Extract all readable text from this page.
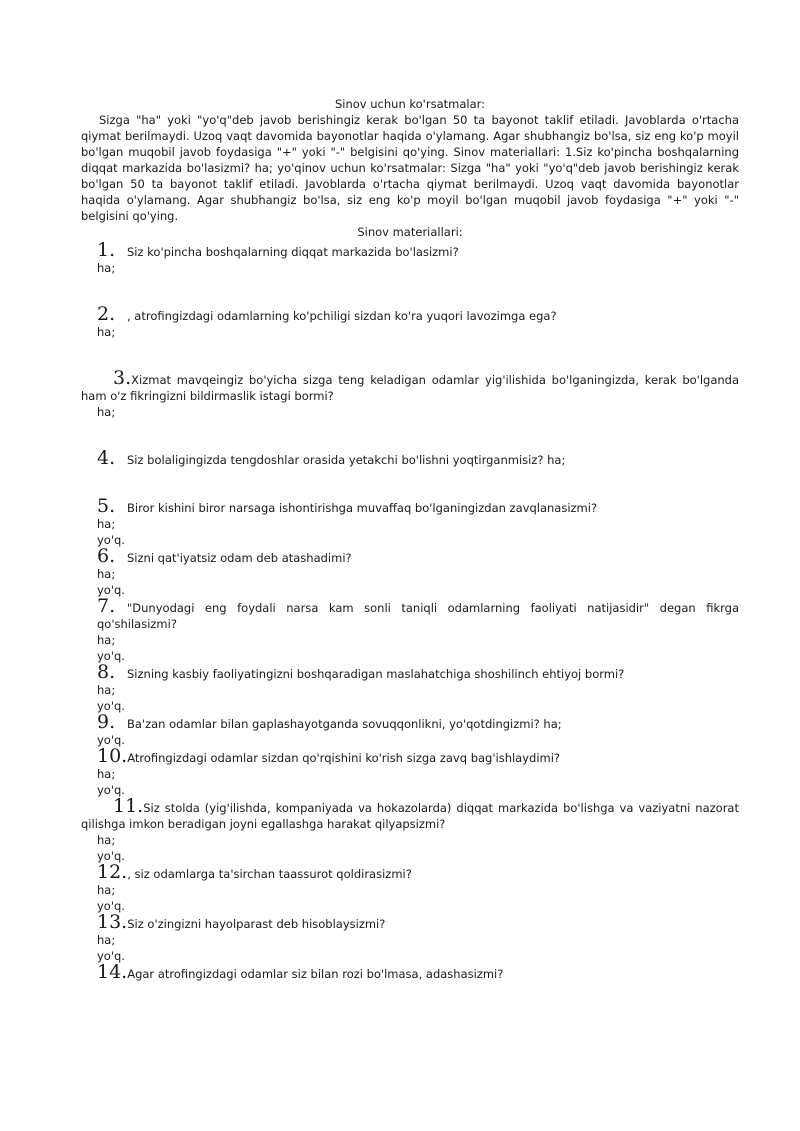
Sinov uchun ko'rsatmalar:

Sizga "ha" yoki "yo'q"deb javob berishingiz kerak bo'lgan 50 ta bayonot taklif etiladi. Javoblarda o'rtacha qiymat berilmaydi. Uzoq vaqt davomida bayonotlar haqida o'ylamang. Agar shubhangiz bo'lsa, siz eng ko'p moyil bo'lgan muqobil javob foydasiga "+" yoki "-" belgisini qo'ying. Sinov materiallari: 1.Siz ko'pincha boshqalarning diqqat markazida bo'lasizmi? ha; yo'qinov uchun ko'rsatmalar: Sizga "ha" yoki "yo'q"deb javob berishingiz kerak bo'lgan 50 ta bayonot taklif etiladi. Javoblarda o'rtacha qiymat berilmaydi. Uzoq vaqt davomida bayonotlar haqida o'ylamang. Agar shubhangiz bo'lsa, siz eng ko'p moyil bo'lgan muqobil javob foydasiga "+" yoki "-" belgisini qo'ying.

Sinov materiallari:
1. Siz ko'pincha boshqalarning diqqat markazida bo'lasizmi?
ha;
2. , atrofingizdagi odamlarning ko'pchiligi sizdan ko'ra yuqori lavozimga ega?
ha;
3.Xizmat mavqeingiz bo'yicha sizga teng keladigan odamlar yig'ilishida bo'lganingizda, kerak bo'lganda ham o'z fikringizni bildirmaslik istagi bormi?
ha;
4. Siz bolaligingizda tengdoshlar orasida yetakchi bo'lishni yoqtirganmisiz? ha;
5. Biror kishini biror narsaga ishontirishga muvaffaq bo'lganingizdan zavqlanasizmi?
ha;
yo'q.
6. Sizni qat'iyatsiz odam deb atashadimi?
ha;
yo'q.
7. "Dunyodagi eng foydali narsa kam sonli taniqli odamlarning faoliyati natijasidir" degan fikrga qo'shilasizmi?
ha;
yo'q.
8. Sizning kasbiy faoliyatingizni boshqaradigan maslahatchiga shoshilinch ehtiyoj bormi?
ha;
yo'q.
9. Ba'zan odamlar bilan gaplashayotganda sovuqqonlikni, yo'qotdingizmi? ha;
yo'q.
10.Atrofingizdagi odamlar sizdan qo'rqishini ko'rish sizga zavq bag'ishlaydimi?
ha;
yo'q.
11.Siz stolda (yig'ilishda, kompaniyada va hokazolarda) diqqat markazida bo'lishga va vaziyatni nazorat qilishga imkon beradigan joyni egallashga harakat qilyapsizmi?
ha;
yo'q.
12., siz odamlarga ta'sirchan taassurot qoldirasizmi?
ha;
yo'q.
13.Siz o'zingizni hayolparast deb hisoblaysizmi?
ha;
yo'q.
14.Agar atrofingizdagi odamlar siz bilan rozi bo'lmasa, adashasizmi?
